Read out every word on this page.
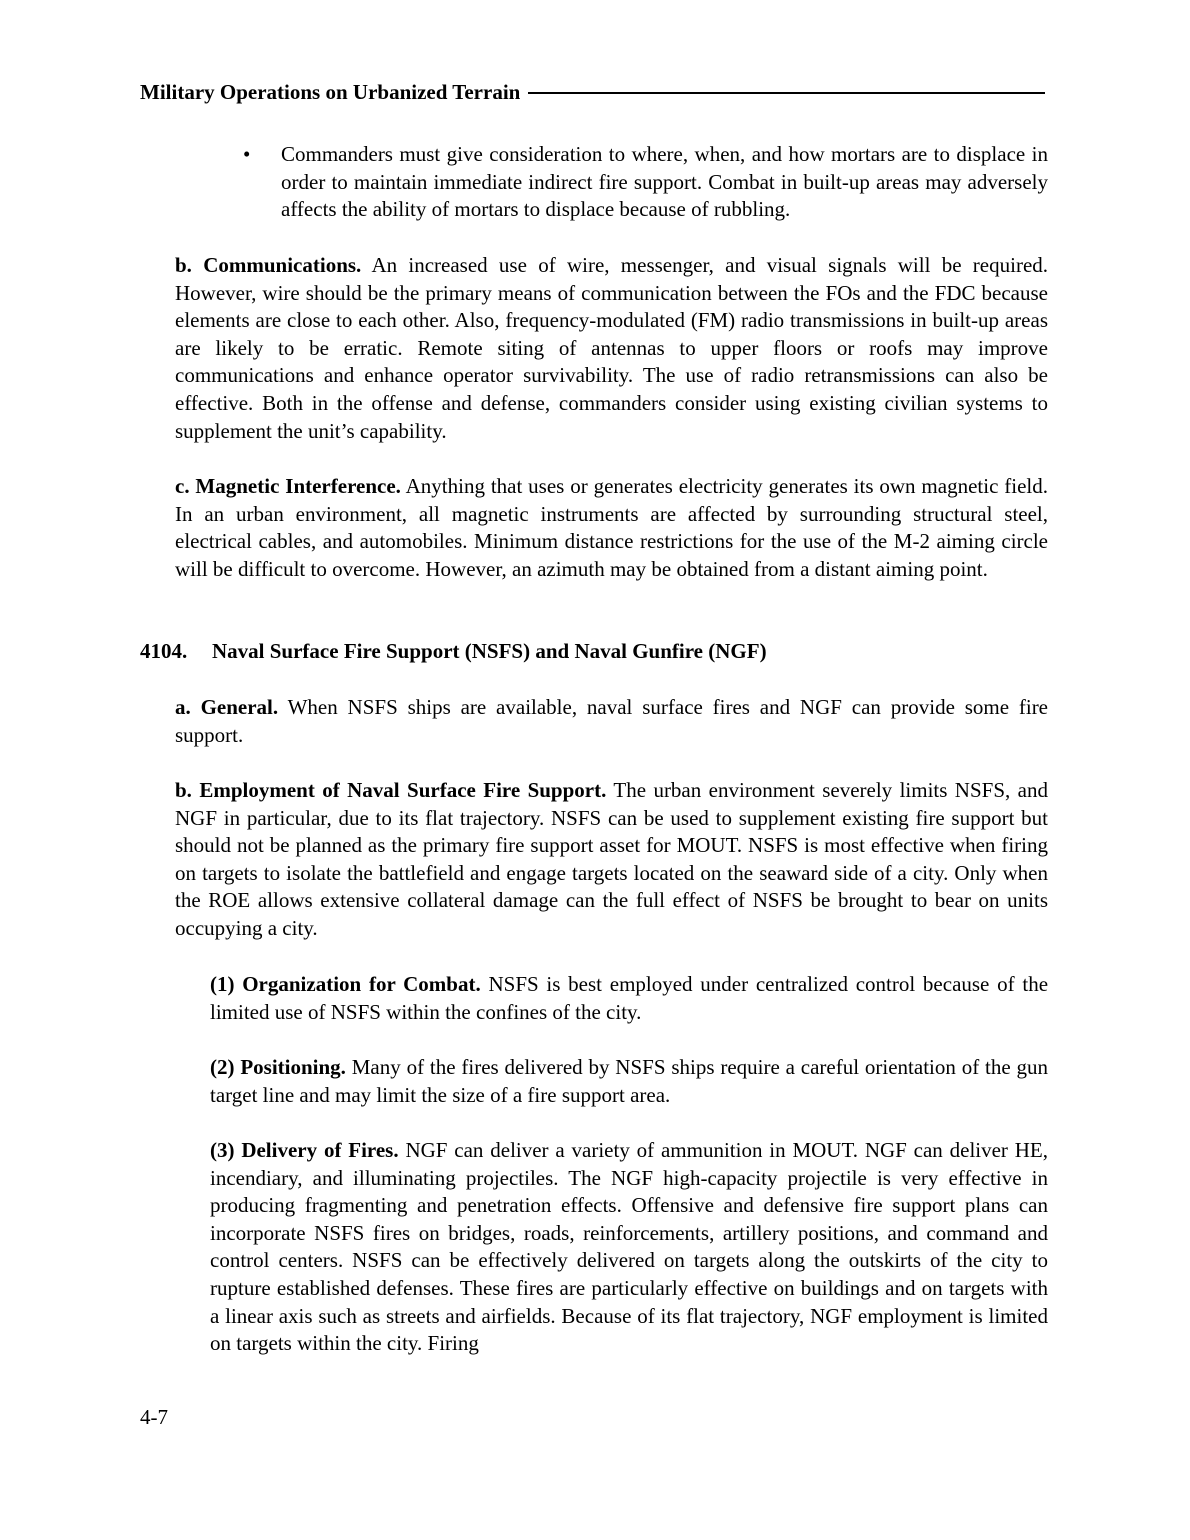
Military Operations on Urbanized Terrain
• Commanders must give consideration to where, when, and how mortars are to displace in order to maintain immediate indirect fire support. Combat in built-up areas may adversely affects the ability of mortars to displace because of rubbling.

b. Communications. An increased use of wire, messenger, and visual signals will be required. However, wire should be the primary means of communication between the FOs and the FDC because elements are close to each other. Also, frequency-modulated (FM) radio transmissions in built-up areas are likely to be erratic. Remote siting of antennas to upper floors or roofs may improve communications and enhance operator survivability. The use of radio retransmissions can also be effective. Both in the offense and defense, commanders consider using existing civilian systems to supplement the unit’s capability.

c. Magnetic Interference. Anything that uses or generates electricity generates its own magnetic field. In an urban environment, all magnetic instruments are affected by surrounding structural steel, electrical cables, and automobiles. Minimum distance restrictions for the use of the M-2 aiming circle will be difficult to overcome. However, an azimuth may be obtained from a distant aiming point.

4104. Naval Surface Fire Support (NSFS) and Naval Gunfire (NGF)

a. General. When NSFS ships are available, naval surface fires and NGF can provide some fire support.

b. Employment of Naval Surface Fire Support. The urban environment severely limits NSFS, and NGF in particular, due to its flat trajectory. NSFS can be used to supplement existing fire support but should not be planned as the primary fire support asset for MOUT. NSFS is most effective when firing on targets to isolate the battlefield and engage targets located on the seaward side of a city. Only when the ROE allows extensive collateral damage can the full effect of NSFS be brought to bear on units occupying a city.

(1) Organization for Combat. NSFS is best employed under centralized control because of the limited use of NSFS within the confines of the city.

(2) Positioning. Many of the fires delivered by NSFS ships require a careful orientation of the gun target line and may limit the size of a fire support area.

(3) Delivery of Fires. NGF can deliver a variety of ammunition in MOUT. NGF can deliver HE, incendiary, and illuminating projectiles. The NGF high-capacity projectile is very effective in producing fragmenting and penetration effects. Offensive and defensive fire support plans can incorporate NSFS fires on bridges, roads, reinforcements, artillery positions, and command and control centers. NSFS can be effectively delivered on targets along the outskirts of the city to rupture established defenses. These fires are particularly effective on buildings and on targets with a linear axis such as streets and airfields. Because of its flat trajectory, NGF employment is limited on targets within the city. Firing

4-7
